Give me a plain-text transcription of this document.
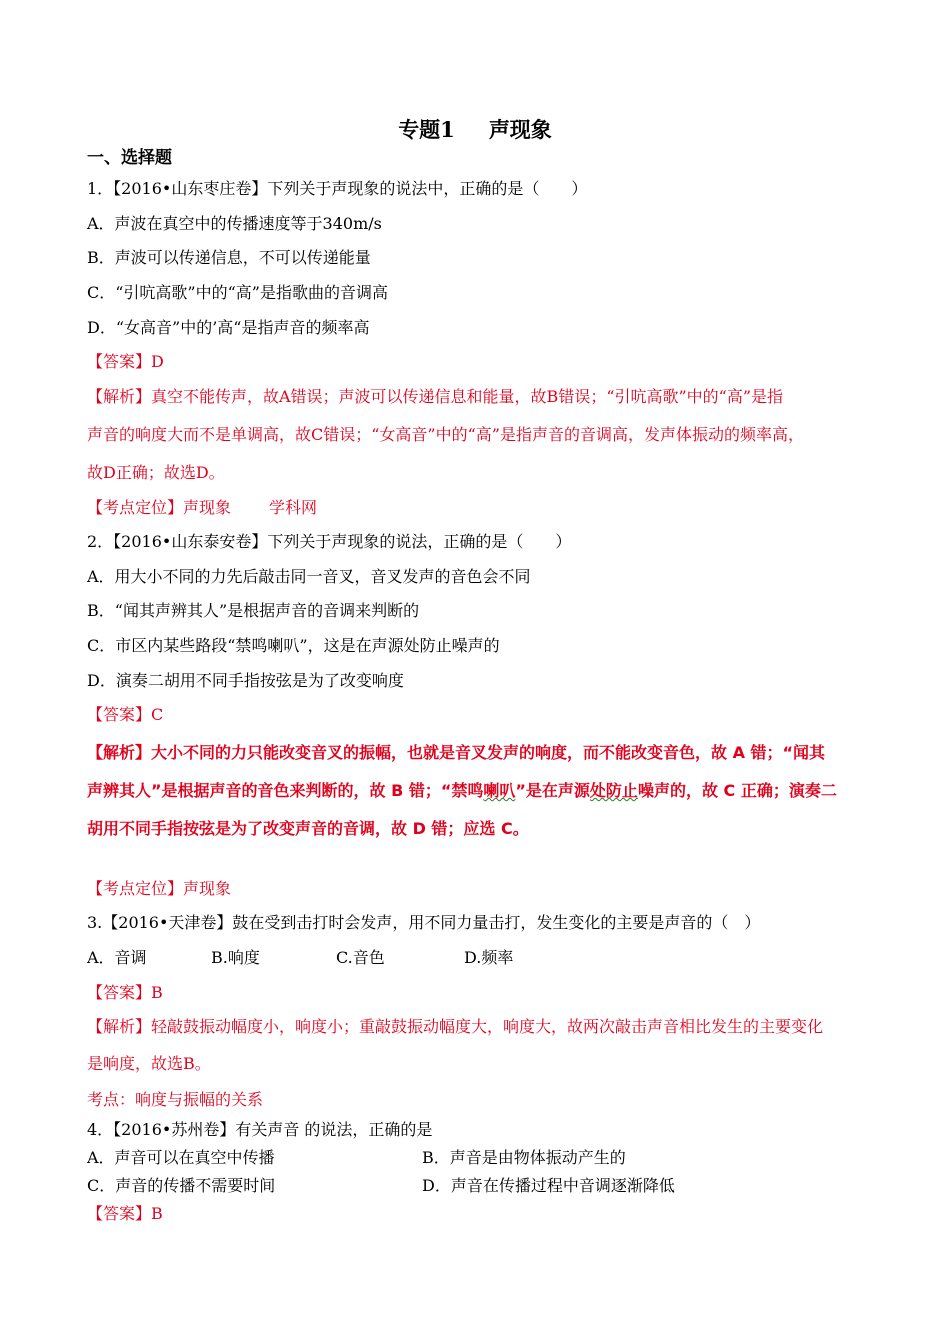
专题1 声现象
一、选择题
1．【2016•山东枣庄卷】下列关于声现象的说法中，正确的是（　　）
A．声波在真空中的传播速度等于340m/s
B．声波可以传递信息，不可以传递能量
C．“引吭高歌”中的“高”是指歌曲的音调高
D．“女高音”中的’高“是指声音的频率高
【答案】D
【解析】真空不能传声，故A错误；声波可以传递信息和能量，故B错误；“引吭高歌”中的“高”是指
声音的响度大而不是单调高，故C错误；“女高音”中的“高”是指声音的音调高，发声体振动的频率高，
故D正确；故选D。
【考点定位】声现象 学科网
2．【2016•山东泰安卷】下列关于声现象的说法，正确的是（　　）
A．用大小不同的力先后敲击同一音叉，音叉发声的音色会不同
B．“闻其声辨其人”是根据声音的音调来判断的
C．市区内某些路段“禁鸣喇叭”，这是在声源处防止噪声的
D．演奏二胡用不同手指按弦是为了改变响度
【答案】C
【解析】大小不同的力只能改变音叉的振幅，也就是音叉发声的响度，而不能改变音色，故 A 错；“闻其
声辨其人”是根据声音的音色来判断的，故 B 错；“禁鸣喇叭”是在声源处防止噪声的，故 C 正确；演奏二
胡用不同手指按弦是为了改变声音的音调，故 D 错；应选 C。
【考点定位】声现象
3.【2016•天津卷】鼓在受到击打时会发声，用不同力量击打，发生变化的主要是声音的（　）
A．音调	B.响度	C.音色	D.频率
【答案】B
【解析】轻敲鼓振动幅度小，响度小；重敲鼓振动幅度大，响度大，故两次敲击声音相比发生的主要变化
是响度，故选B。
考点：响度与振幅的关系
4．【2016•苏州卷】有关声音 的说法，正确的是
A．声音可以在真空中传播	B．声音是由物体振动产生的
C．声音的传播不需要时间	D．声音在传播过程中音调逐渐降低
【答案】B
